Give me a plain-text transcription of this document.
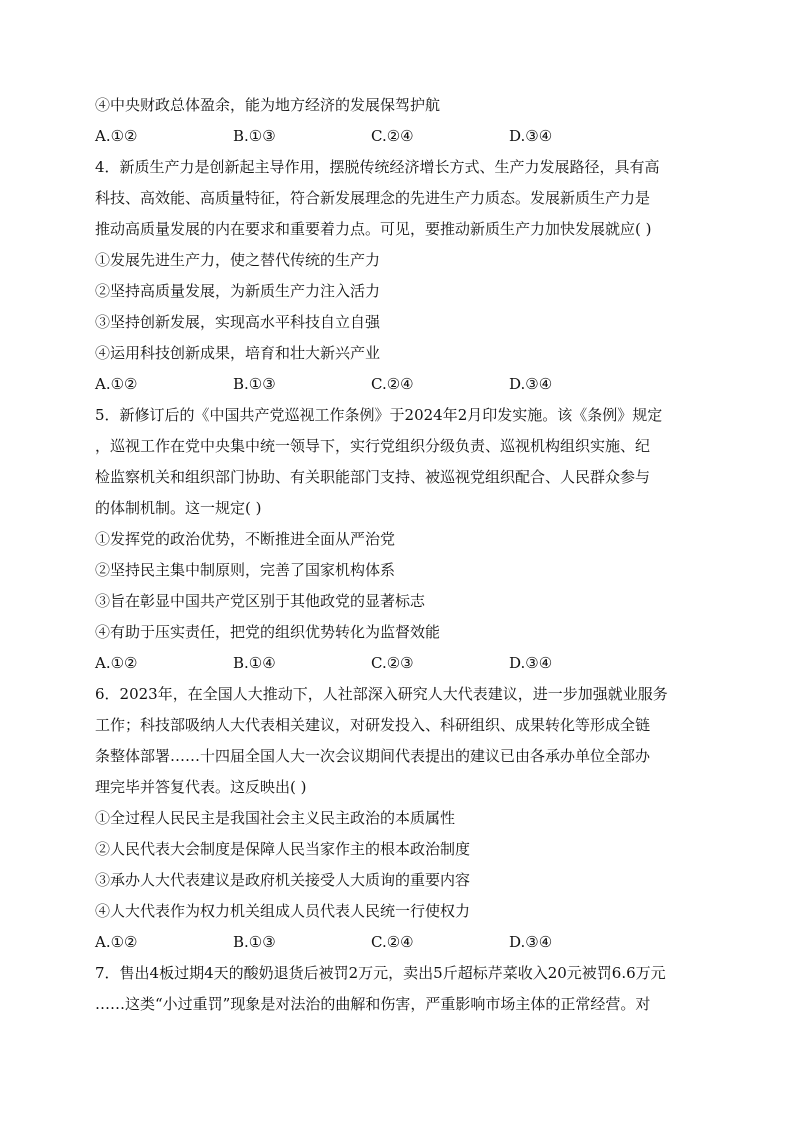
④中央财政总体盈余，能为地方经济的发展保驾护航
A.①②	B.①③	C.②④	D.③④
4．新质生产力是创新起主导作用，摆脱传统经济增长方式、生产力发展路径，具有高
科技、高效能、高质量特征，符合新发展理念的先进生产力质态。发展新质生产力是
推动高质量发展的内在要求和重要着力点。可见，要推动新质生产力加快发展就应( )
①发展先进生产力，使之替代传统的生产力
②坚持高质量发展，为新质生产力注入活力
③坚持创新发展，实现高水平科技自立自强
④运用科技创新成果，培育和壮大新兴产业
A.①②	B.①③	C.②④	D.③④
5．新修订后的《中国共产党巡视工作条例》于2024年2月印发实施。该《条例》规定
，巡视工作在党中央集中统一领导下，实行党组织分级负责、巡视机构组织实施、纪
检监察机关和组织部门协助、有关职能部门支持、被巡视党组织配合、人民群众参与
的体制机制。这一规定( )
①发挥党的政治优势，不断推进全面从严治党
②坚持民主集中制原则，完善了国家机构体系
③旨在彰显中国共产党区别于其他政党的显著标志
④有助于压实责任，把党的组织优势转化为监督效能
A.①②	B.①④	C.②③	D.③④
6．2023年，在全国人大推动下，人社部深入研究人大代表建议，进一步加强就业服务
工作；科技部吸纳人大代表相关建议，对研发投入、科研组织、成果转化等形成全链
条整体部署……十四届全国人大一次会议期间代表提出的建议已由各承办单位全部办
理完毕并答复代表。这反映出( )
①全过程人民民主是我国社会主义民主政治的本质属性
②人民代表大会制度是保障人民当家作主的根本政治制度
③承办人大代表建议是政府机关接受人大质询的重要内容
④人大代表作为权力机关组成人员代表人民统一行使权力
A.①②	B.①③	C.②④	D.③④
7．售出4板过期4天的酸奶退货后被罚2万元，卖出5斤超标芹菜收入20元被罚6.6万元
……这类“小过重罚”现象是对法治的曲解和伤害，严重影响市场主体的正常经营。对
